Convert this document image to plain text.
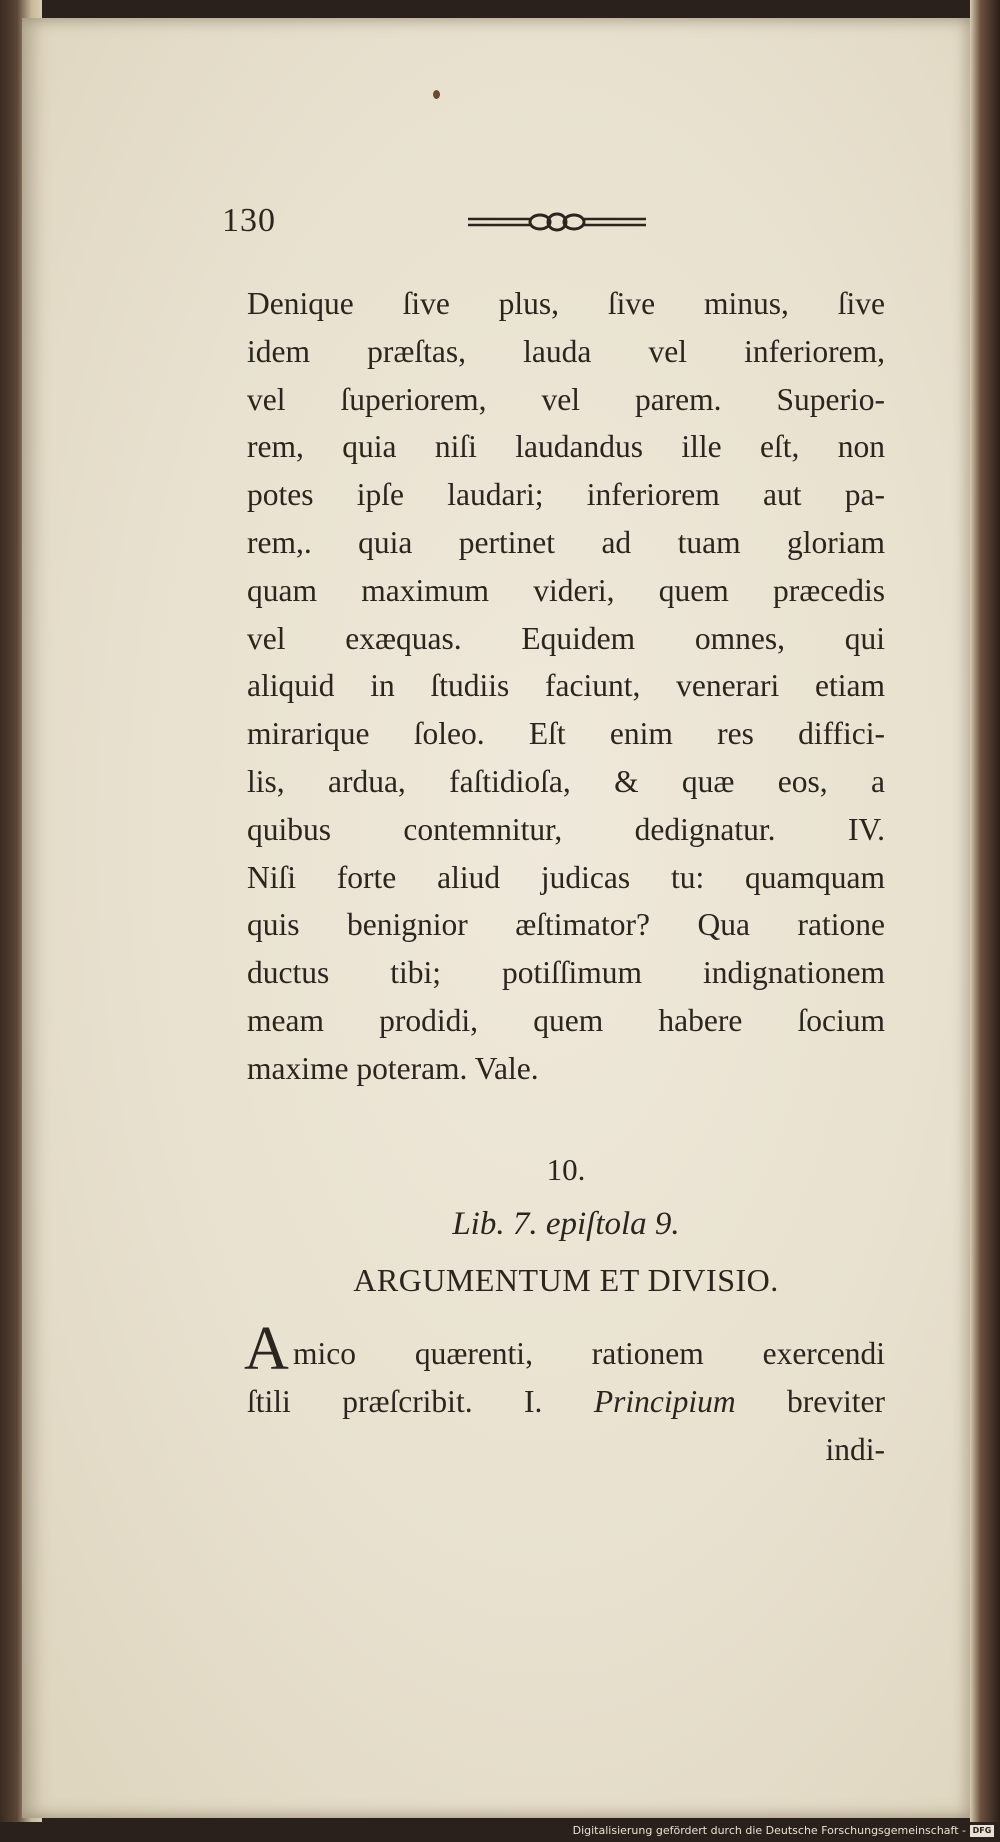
130
Denique ſive plus, ſive minus, ſive
idem præſtas, lauda vel inferiorem,
vel ſuperiorem, vel parem. Superio-
rem, quia niſi laudandus ille eſt, non
potes ipſe laudari; inferiorem aut pa-
rem,. quia pertinet ad tuam gloriam
quam maximum videri, quem præcedis
vel exæquas. Equidem omnes, qui
aliquid in ſtudiis faciunt, venerari etiam
mirarique ſoleo. Eſt enim res diffici-
lis, ardua, faſtidioſa, & quæ eos, a
quibus contemnitur, dedignatur. IV.
Niſi forte aliud judicas tu: quamquam
quis benignior æſtimator? Qua ratione
ductus tibi; potiſſimum indignationem
meam prodidi, quem habere ſocium
maxime poteram. Vale.
10.
Lib. 7. epiſtola 9.
ARGUMENTUM ET DIVISIO.
A mico quærenti, rationem exercendi
ſtili præſcribit. I. Principium breviter
indi-
Digitalisierung gefördert durch die Deutsche Forschungsgemeinschaft - DFG
